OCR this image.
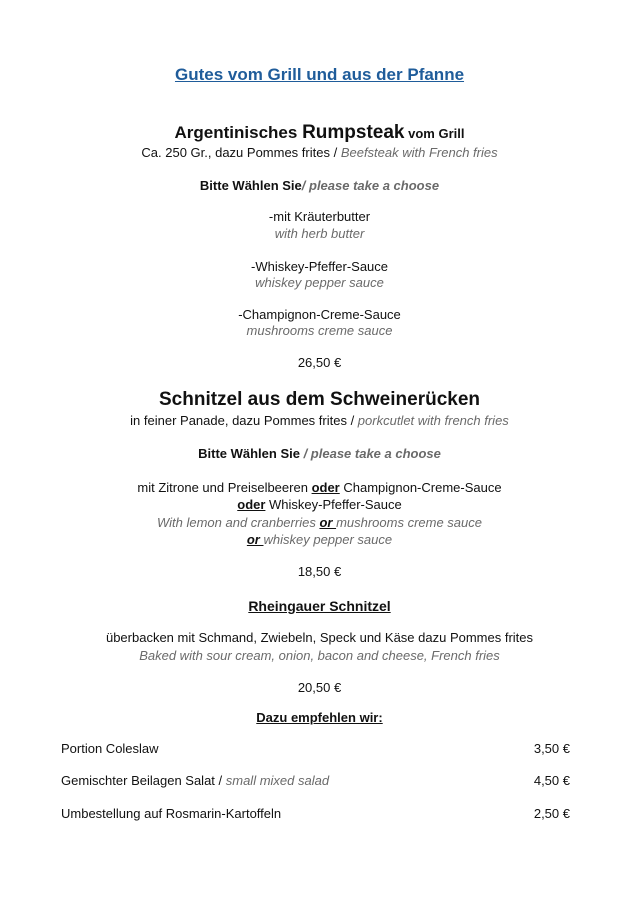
Gutes vom Grill und aus der Pfanne
Argentinisches Rumpsteak vom Grill
Ca. 250 Gr., dazu Pommes frites / Beefsteak with French fries
Bitte Wählen Sie/ please take a choose
-mit Kräuterbutter
with herb butter
-Whiskey-Pfeffer-Sauce
whiskey pepper sauce
-Champignon-Creme-Sauce
mushrooms creme sauce
26,50 €
Schnitzel aus dem Schweinerücken
in feiner Panade, dazu Pommes frites / porkcutlet with french fries
Bitte Wählen Sie / please take a choose
mit Zitrone und Preiselbeeren oder Champignon-Creme-Sauce
oder Whiskey-Pfeffer-Sauce
With lemon and cranberries or mushrooms creme sauce
or whiskey pepper sauce
18,50 €
Rheingauer Schnitzel
überbacken mit Schmand, Zwiebeln, Speck und Käse dazu Pommes frites
Baked with sour cream, onion, bacon and cheese, French fries
20,50 €
Dazu empfehlen wir:
Portion Coleslaw	3,50 €
Gemischter Beilagen Salat / small mixed salad	4,50 €
Umbestellung auf Rosmarin-Kartoffeln	2,50 €
